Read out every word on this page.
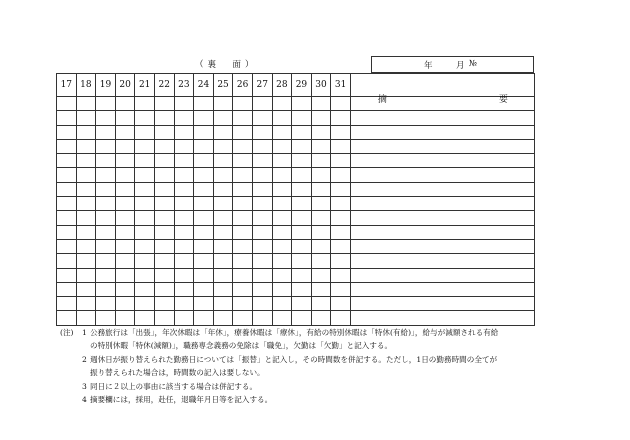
（裏　面）	年	月 №
17	18	19	20	21	22	23	24	25	26	27	28	29	30	31	摘 要

(注) 1 公務旅行は「出張」，年次休暇は「年休」，療養休暇は「療休」，有給の特別休暇は「特休(有給)」，給与が減額される有給
の特別休暇「特休(減額)」，職務専念義務の免除は「職免」，欠勤は「欠勤」と記入する。
2 週休日が振り替えられた勤務日については「振替」と記入し，その時間数を併記する。ただし，1日の勤務時間の全てが
振り替えられた場合は，時間数の記入は要しない。
3 同日に２以上の事由に該当する場合は併記する。
4 摘要欄には，採用，赴任，退職年月日等を記入する。
